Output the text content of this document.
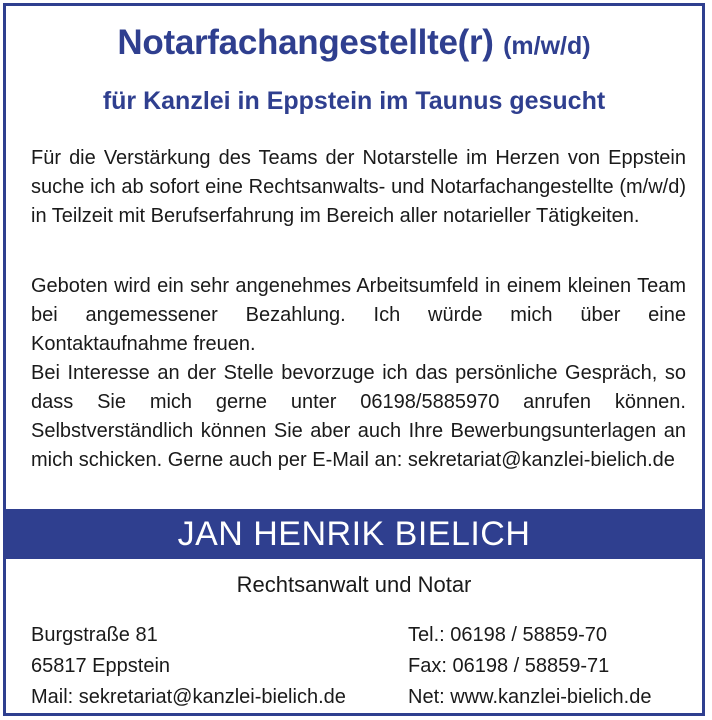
Notarfachangestellte(r) (m/w/d)
für Kanzlei in Eppstein im Taunus gesucht
Für die Verstärkung des Teams der Notarstelle im Herzen von Eppstein suche ich ab sofort eine Rechtsanwalts- und Notarfachangestellte (m/w/d) in Teilzeit mit Berufserfahrung im Bereich aller notarieller Tätigkeiten.
Geboten wird ein sehr angenehmes Arbeitsumfeld in einem kleinen Team bei angemessener Bezahlung. Ich würde mich über eine Kontaktaufnahme freuen.
Bei Interesse an der Stelle bevorzuge ich das persönliche Gespräch, so dass Sie mich gerne unter 06198/5885970 anrufen können. Selbstverständlich können Sie aber auch Ihre Bewerbungsunterlagen an mich schicken. Gerne auch per E-Mail an: sekretariat@kanzlei-bielich.de
JAN HENRIK BIELICH
Rechtsanwalt und Notar
Burgstraße 81
65817 Eppstein
Mail: sekretariat@kanzlei-bielich.de
Tel.: 06198 / 58859-70
Fax: 06198 / 58859-71
Net: www.kanzlei-bielich.de
